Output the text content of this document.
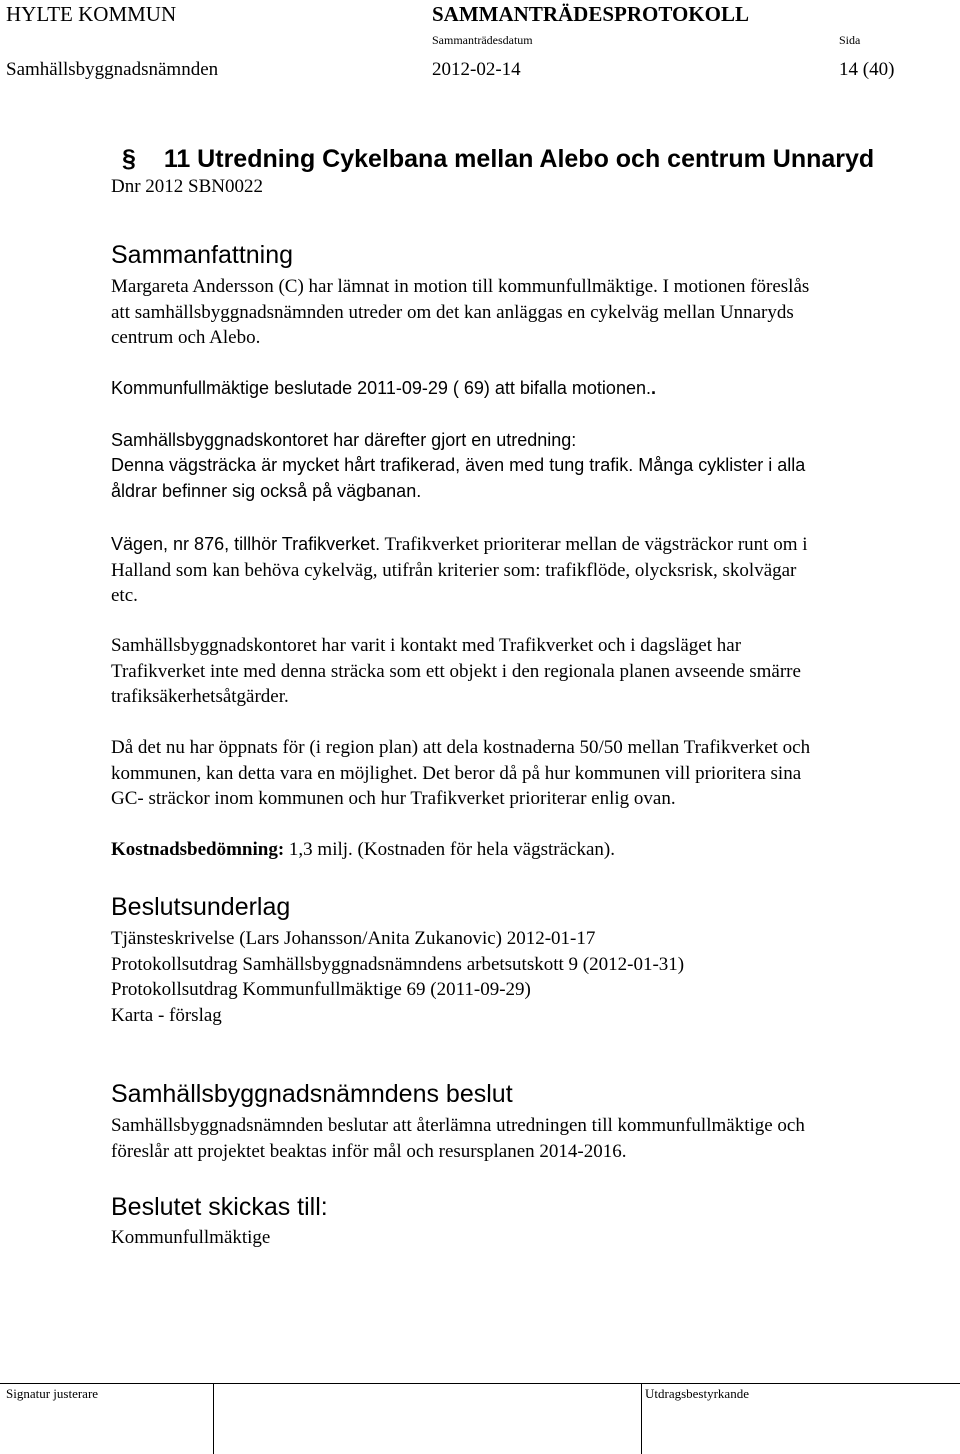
HYLTE KOMMUN	SAMMANTRÄDESPROTOKOLL
Sammanträdesdatum	Sida
Samhällsbyggnadsnämnden	2012-02-14	14 (40)
§ 11 Utredning Cykelbana mellan Alebo och centrum Unnaryd
Dnr 2012 SBN0022
Sammanfattning
Margareta Andersson (C) har lämnat in motion till kommunfullmäktige. I motionen föreslås
att samhällsbyggnadsnämnden utreder om det kan anläggas en cykelväg mellan Unnaryds
centrum och Alebo.
Kommunfullmäktige beslutade 2011-09-29 ( 69) att bifalla motionen..
Samhällsbyggnadskontoret har därefter gjort en utredning:
Denna vägsträcka är mycket hårt trafikerad, även med tung trafik. Många cyklister i alla
åldrar befinner sig också på vägbanan.
Vägen, nr 876, tillhör Trafikverket. Trafikverket prioriterar mellan de vägsträckor runt om i
Halland som kan behöva cykelväg, utifrån kriterier som: trafikflöde, olycksrisk, skolvägar
etc.
Samhällsbyggnadskontoret har varit i kontakt med Trafikverket och i dagsläget har
Trafikverket inte med denna sträcka som ett objekt i den regionala planen avseende smärre
trafiksäkerhetsåtgärder.
Då det nu har öppnats för (i region plan) att dela kostnaderna 50/50 mellan Trafikverket och
kommunen, kan detta vara en möjlighet. Det beror då på hur kommunen vill prioritera sina
GC- sträckor inom kommunen och hur Trafikverket prioriterar enlig ovan.
Kostnadsbedömning: 1,3 milj. (Kostnaden för hela vägsträckan).
Beslutsunderlag
Tjänsteskrivelse (Lars Johansson/Anita Zukanovic) 2012-01-17
Protokollsutdrag Samhällsbyggnadsnämndens arbetsutskott 9 (2012-01-31)
Protokollsutdrag Kommunfullmäktige 69 (2011-09-29)
Karta - förslag
Samhällsbyggnadsnämndens beslut
Samhällsbyggnadsnämnden beslutar att återlämna utredningen till kommunfullmäktige och
föreslår att projektet beaktas inför mål och resursplanen 2014-2016.
Beslutet skickas till:
Kommunfullmäktige
Signatur justerare	Utdragsbestyrkande
